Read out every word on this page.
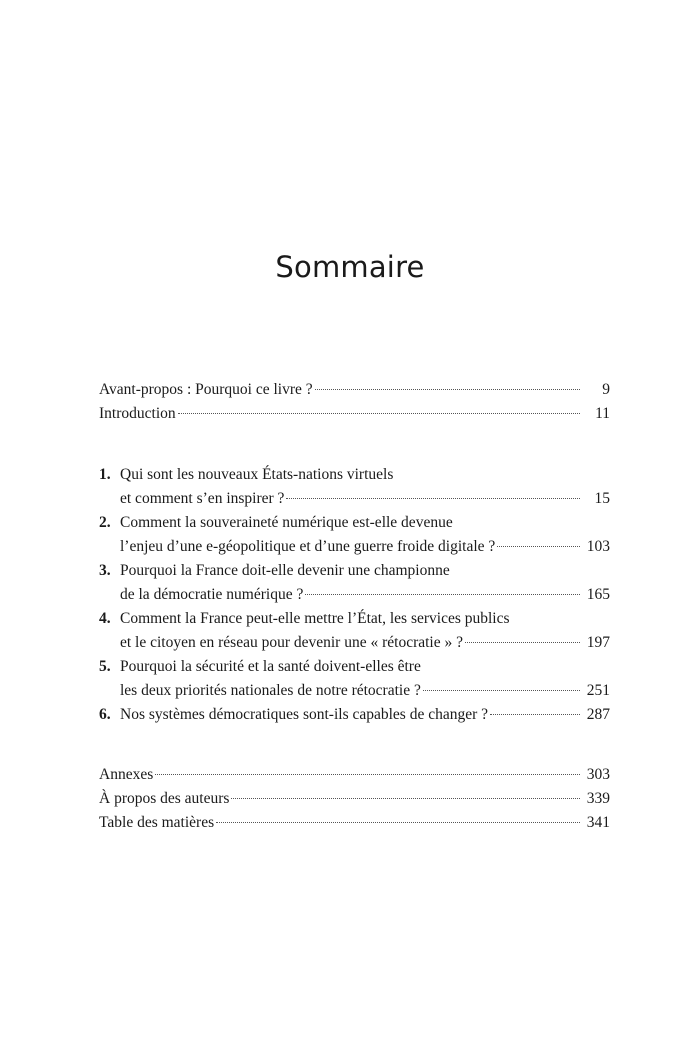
Sommaire
Avant-propos : Pourquoi ce livre ?	9
Introduction	11
1. Qui sont les nouveaux États-nations virtuels
et comment s’en inspirer ?	15
2. Comment la souveraineté numérique est-elle devenue
l’enjeu d’une e-géopolitique et d’une guerre froide digitale ?	103
3. Pourquoi la France doit-elle devenir une championne
de la démocratie numérique ?	165
4. Comment la France peut-elle mettre l’État, les services publics
et le citoyen en réseau pour devenir une « rétocratie » ?	197
5. Pourquoi la sécurité et la santé doivent-elles être
les deux priorités nationales de notre rétocratie ?	251
6. Nos systèmes démocratiques sont-ils capables de changer ?	287
Annexes	303
À propos des auteurs	339
Table des matières	341
